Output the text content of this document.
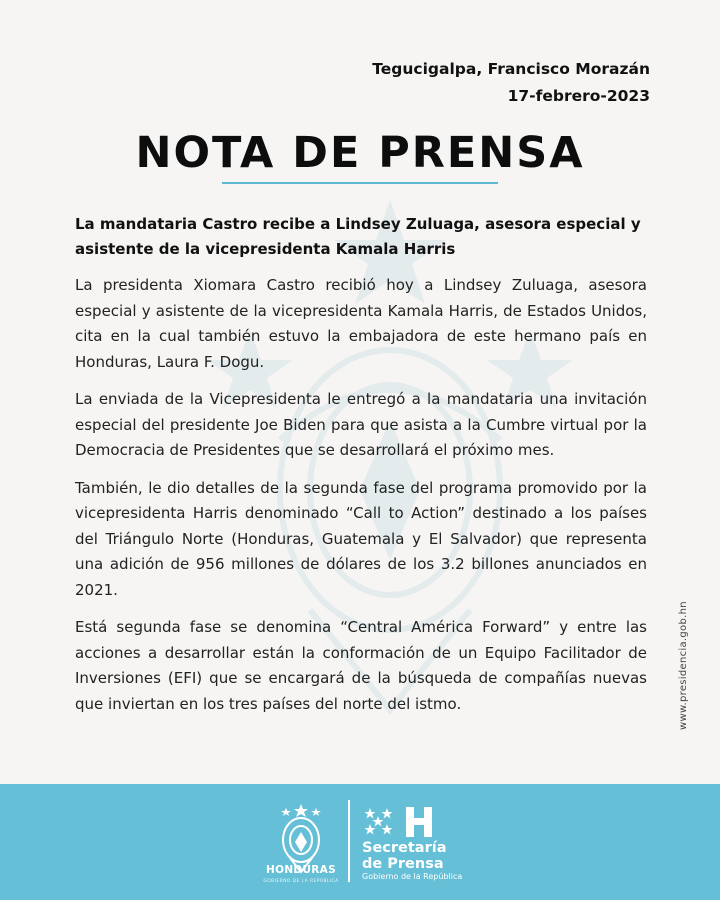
Tegucigalpa, Francisco Morazán
17-febrero-2023
NOTA DE PRENSA

La mandataria Castro recibe a Lindsey Zuluaga, asesora especial y asistente de la vicepresidenta Kamala Harris

La presidenta Xiomara Castro recibió hoy a Lindsey Zuluaga, asesora especial y asistente de la vicepresidenta Kamala Harris, de Estados Unidos, cita en la cual también estuvo la embajadora de este hermano país en Honduras, Laura F. Dogu.

La enviada de la Vicepresidenta le entregó a la mandataria una invitación especial del presidente Joe Biden para que asista a la Cumbre virtual por la Democracia de Presidentes que se desarrollará el próximo mes.

También, le dio detalles de la segunda fase del programa promovido por la vicepresidenta Harris denominado “Call to Action” destinado a los países del Triángulo Norte (Honduras, Guatemala y El Salvador) que representa una adición de 956 millones de dólares de los 3.2 billones anunciados en 2021.

Está segunda fase se denomina “Central América Forward” y entre las acciones a desarrollar están la conformación de un Equipo Facilitador de Inversiones (EFI) que se encargará de la búsqueda de compañías nuevas que inviertan en los tres países del norte del istmo.	www.presidencia.gob.hn
HONDURAS
GOBIERNO DE LA REPÚBLICA
Secretaría
de Prensa
Gobierno de la República
